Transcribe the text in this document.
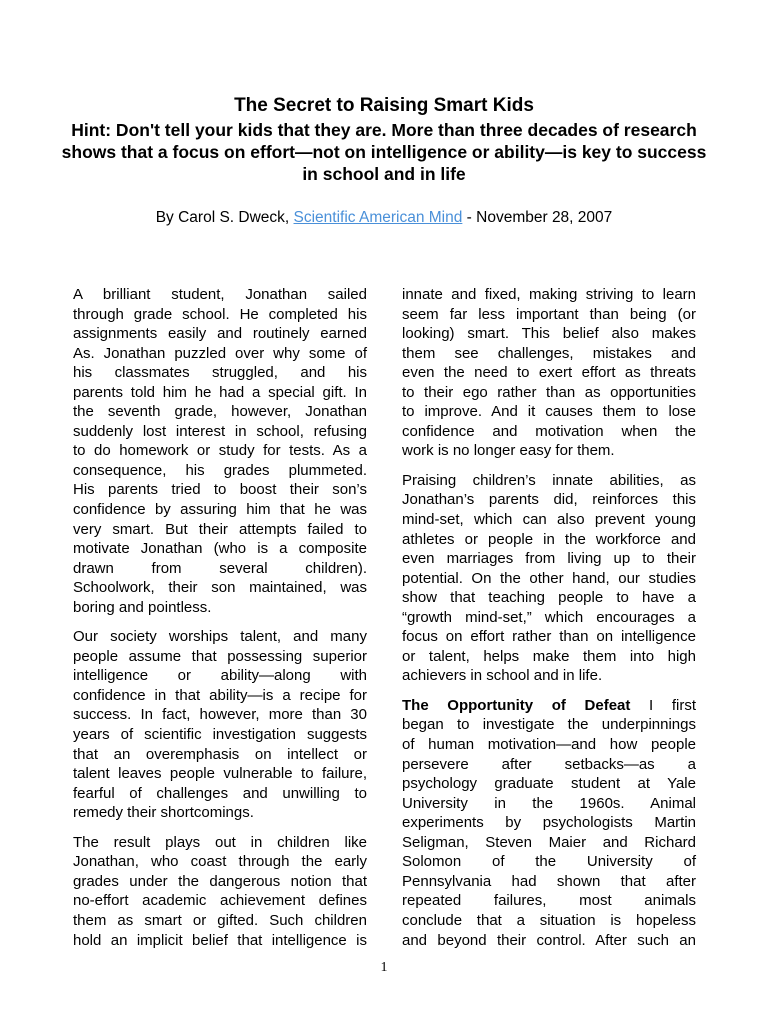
The Secret to Raising Smart Kids
Hint: Don't tell your kids that they are. More than three decades of research shows that a focus on effort—not on intelligence or ability—is key to success in school and in life
By Carol S. Dweck, Scientific American Mind - November 28, 2007

A brilliant student, Jonathan sailed
through grade school. He completed his
assignments easily and routinely earned
As. Jonathan puzzled over why some of
his classmates struggled, and his
parents told him he had a special gift. In
the seventh grade, however, Jonathan
suddenly lost interest in school, refusing
to do homework or study for tests. As a
consequence, his grades plummeted.
His parents tried to boost their son’s
confidence by assuring him that he was
very smart. But their attempts failed to
motivate Jonathan (who is a composite
drawn from several children).
Schoolwork, their son maintained, was
boring and pointless.

Our society worships talent, and many
people assume that possessing superior
intelligence or ability—along with
confidence in that ability—is a recipe for
success. In fact, however, more than 30
years of scientific investigation suggests
that an overemphasis on intellect or
talent leaves people vulnerable to failure,
fearful of challenges and unwilling to
remedy their shortcomings.

The result plays out in children like
Jonathan, who coast through the early
grades under the dangerous notion that
no-effort academic achievement defines
them as smart or gifted. Such children
hold an implicit belief that intelligence is

innate and fixed, making striving to learn
seem far less important than being (or
looking) smart. This belief also makes
them see challenges, mistakes and
even the need to exert effort as threats
to their ego rather than as opportunities
to improve. And it causes them to lose
confidence and motivation when the
work is no longer easy for them.

Praising children’s innate abilities, as
Jonathan’s parents did, reinforces this
mind-set, which can also prevent young
athletes or people in the workforce and
even marriages from living up to their
potential. On the other hand, our studies
show that teaching people to have a
“growth mind-set,” which encourages a
focus on effort rather than on intelligence
or talent, helps make them into high
achievers in school and in life.

The Opportunity of Defeat I first
began to investigate the underpinnings
of human motivation—and how people
persevere after setbacks—as a
psychology graduate student at Yale
University in the 1960s. Animal
experiments by psychologists Martin
Seligman, Steven Maier and Richard
Solomon of the University of
Pennsylvania had shown that after
repeated failures, most animals
conclude that a situation is hopeless
and beyond their control. After such an

1
